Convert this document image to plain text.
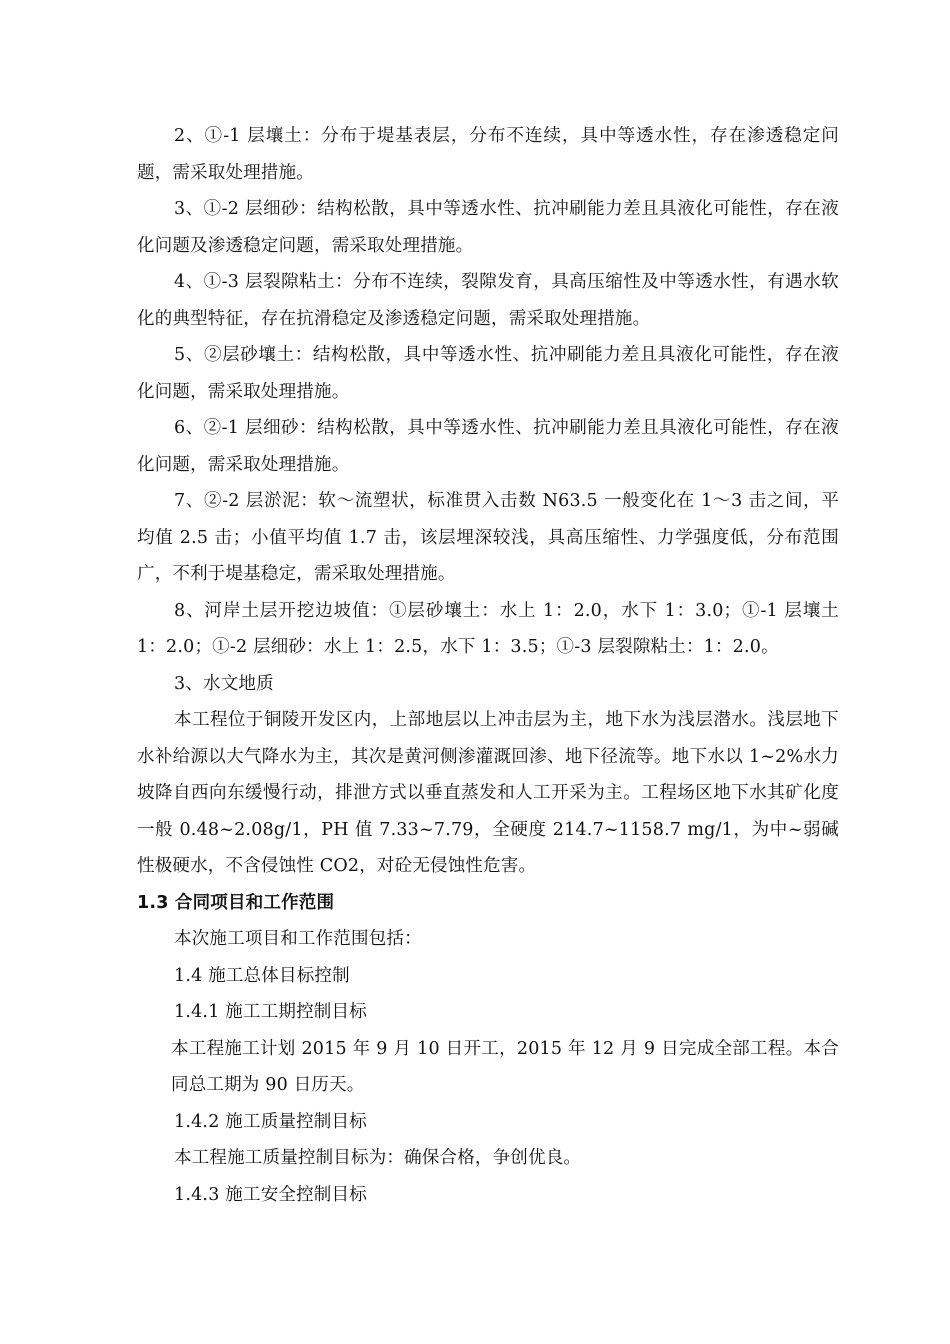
2、①-1 层壤土：分布于堤基表层，分布不连续，具中等透水性，存在渗透稳定问题，需采取处理措施。

3、①-2 层细砂：结构松散，具中等透水性、抗冲刷能力差且具液化可能性，存在液化问题及渗透稳定问题，需采取处理措施。

4、①-3 层裂隙粘土：分布不连续，裂隙发育，具高压缩性及中等透水性，有遇水软化的典型特征，存在抗滑稳定及渗透稳定问题，需采取处理措施。

5、②层砂壤土：结构松散，具中等透水性、抗冲刷能力差且具液化可能性，存在液化问题，需采取处理措施。

6、②-1 层细砂：结构松散，具中等透水性、抗冲刷能力差且具液化可能性，存在液化问题，需采取处理措施。

7、②-2 层淤泥：软～流塑状，标准贯入击数 N63.5 一般变化在 1～3 击之间，平均值 2.5 击；小值平均值 1.7 击，该层埋深较浅，具高压缩性、力学强度低，分布范围广，不利于堤基稳定，需采取处理措施。

8、河岸土层开挖边坡值：①层砂壤土：水上 1：2.0，水下 1：3.0；①-1 层壤土 1：2.0；①-2 层细砂：水上 1：2.5，水下 1：3.5；①-3 层裂隙粘土：1：2.0。

3、水文地质

本工程位于铜陵开发区内，上部地层以上冲击层为主，地下水为浅层潜水。浅层地下水补给源以大气降水为主，其次是黄河侧渗灌溉回渗、地下径流等。地下水以 1~2%水力坡降自西向东缓慢行动，排泄方式以垂直蒸发和人工开采为主。工程场区地下水其矿化度一般 0.48~2.08g/1，PH 值 7.33~7.79，全硬度 214.7~1158.7 mg/1，为中~弱碱性极硬水，不含侵蚀性 CO2，对砼无侵蚀性危害。

1.3 合同项目和工作范围

本次施工项目和工作范围包括：

1.4 施工总体目标控制

1.4.1 施工工期控制目标

本工程施工计划 2015 年 9 月 10 日开工，2015 年 12 月 9 日完成全部工程。本合同总工期为 90 日历天。

1.4.2 施工质量控制目标

本工程施工质量控制目标为：确保合格，争创优良。

1.4.3 施工安全控制目标
